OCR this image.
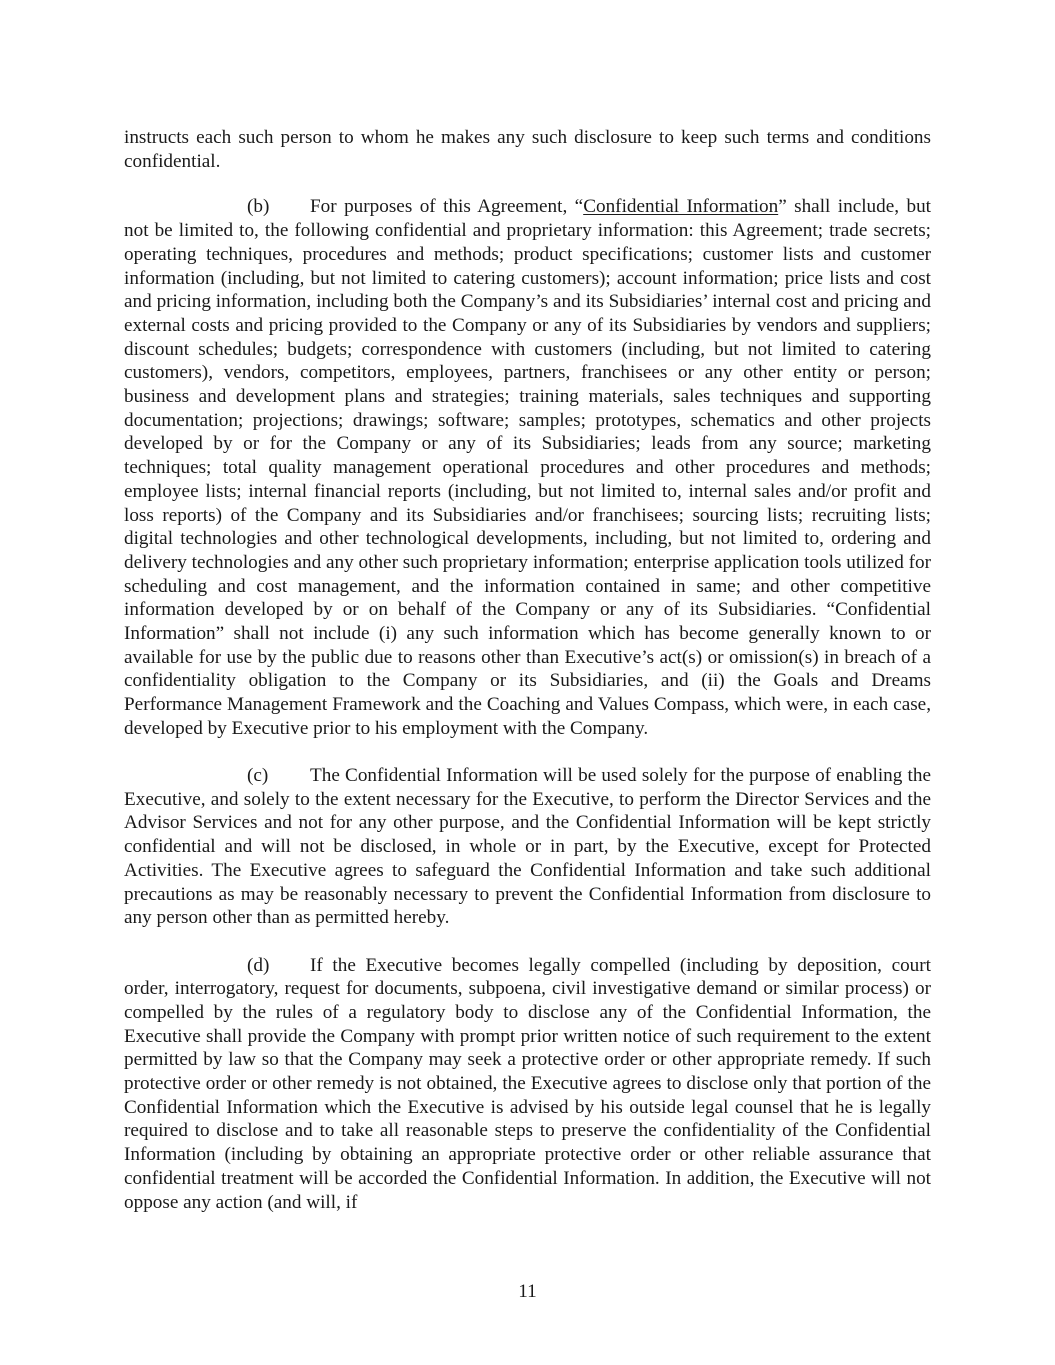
instructs each such person to whom he makes any such disclosure to keep such terms and conditions confidential.

(b) For purposes of this Agreement, “Confidential Information” shall include, but not be limited to, the following confidential and proprietary information: this Agreement; trade secrets; operating techniques, procedures and methods; product specifications; customer lists and customer information (including, but not limited to catering customers); account information; price lists and cost and pricing information, including both the Company’s and its Subsidiaries’ internal cost and pricing and external costs and pricing provided to the Company or any of its Subsidiaries by vendors and suppliers; discount schedules; budgets; correspondence with customers (including, but not limited to catering customers), vendors, competitors, employees, partners, franchisees or any other entity or person; business and development plans and strategies; training materials, sales techniques and supporting documentation; projections; drawings; software; samples; prototypes, schematics and other projects developed by or for the Company or any of its Subsidiaries; leads from any source; marketing techniques; total quality management operational procedures and other procedures and methods; employee lists; internal financial reports (including, but not limited to, internal sales and/or profit and loss reports) of the Company and its Subsidiaries and/or franchisees; sourcing lists; recruiting lists; digital technologies and other technological developments, including, but not limited to, ordering and delivery technologies and any other such proprietary information; enterprise application tools utilized for scheduling and cost management, and the information contained in same; and other competitive information developed by or on behalf of the Company or any of its Subsidiaries. “Confidential Information” shall not include (i) any such information which has become generally known to or available for use by the public due to reasons other than Executive’s act(s) or omission(s) in breach of a confidentiality obligation to the Company or its Subsidiaries, and (ii) the Goals and Dreams Performance Management Framework and the Coaching and Values Compass, which were, in each case, developed by Executive prior to his employment with the Company.

(c) The Confidential Information will be used solely for the purpose of enabling the Executive, and solely to the extent necessary for the Executive, to perform the Director Services and the Advisor Services and not for any other purpose, and the Confidential Information will be kept strictly confidential and will not be disclosed, in whole or in part, by the Executive, except for Protected Activities. The Executive agrees to safeguard the Confidential Information and take such additional precautions as may be reasonably necessary to prevent the Confidential Information from disclosure to any person other than as permitted hereby.

(d) If the Executive becomes legally compelled (including by deposition, court order, interrogatory, request for documents, subpoena, civil investigative demand or similar process) or compelled by the rules of a regulatory body to disclose any of the Confidential Information, the Executive shall provide the Company with prompt prior written notice of such requirement to the extent permitted by law so that the Company may seek a protective order or other appropriate remedy. If such protective order or other remedy is not obtained, the Executive agrees to disclose only that portion of the Confidential Information which the Executive is advised by his outside legal counsel that he is legally required to disclose and to take all reasonable steps to preserve the confidentiality of the Confidential Information (including by obtaining an appropriate protective order or other reliable assurance that confidential treatment will be accorded the Confidential Information. In addition, the Executive will not oppose any action (and will, if

11
